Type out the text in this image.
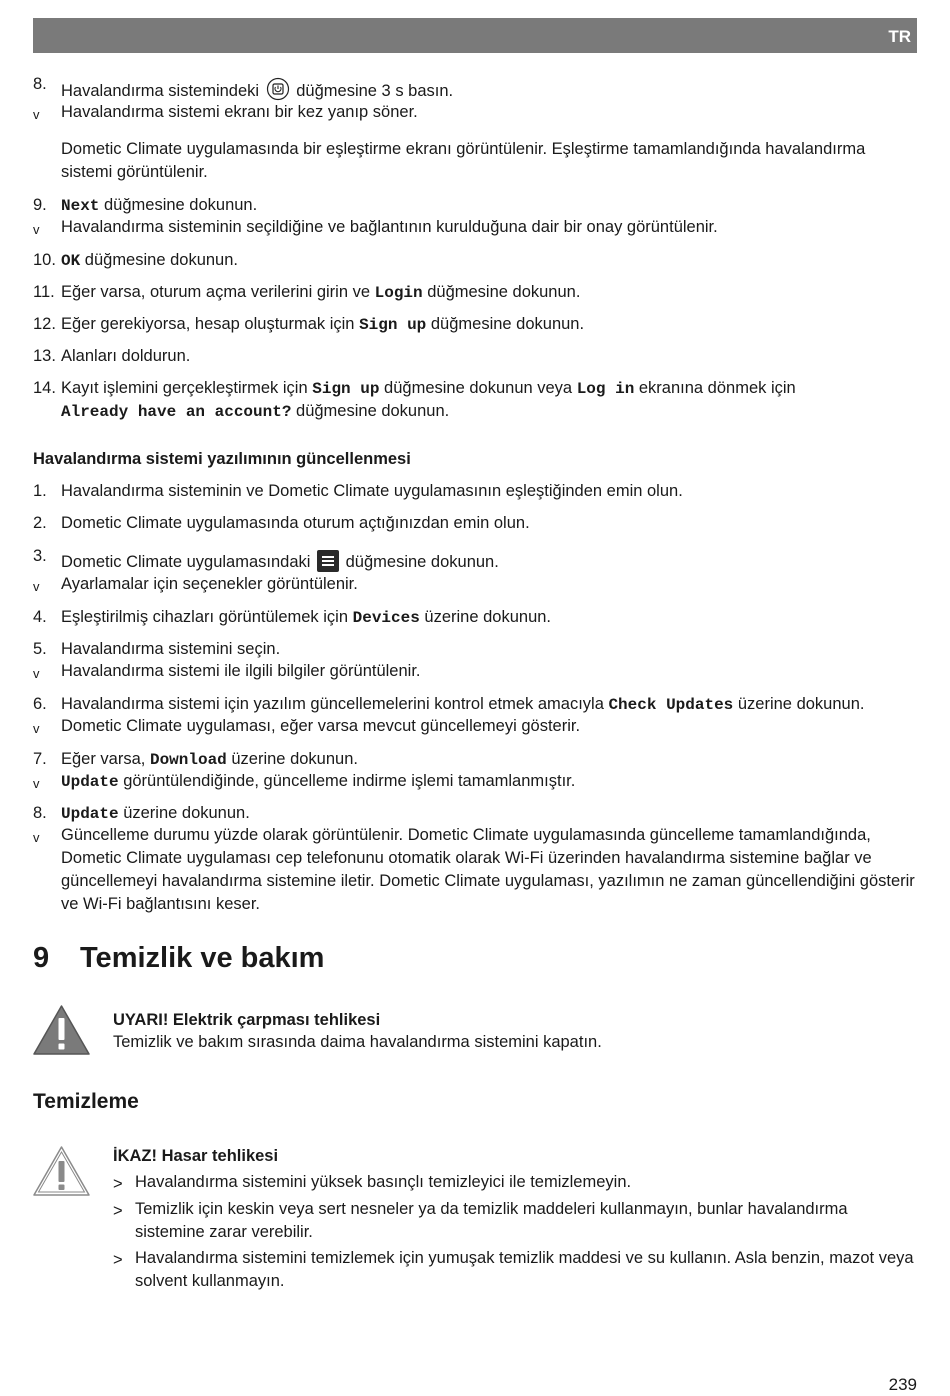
TR
8. Havalandırma sistemindeki  düğmesine 3 s basın.
v Havalandırma sistemi ekranı bir kez yanıp söner.
Dometic Climate uygulamasında bir eşleştirme ekranı görüntülenir. Eşleştirme tamamlandığında havalandırma sistemi görüntülenir.
9. Next düğmesine dokunun.
v Havalandırma sisteminin seçildiğine ve bağlantının kurulduğuna dair bir onay görüntülenir.
10. OK düğmesine dokunun.
11. Eğer varsa, oturum açma verilerini girin ve Login düğmesine dokunun.
12. Eğer gerekiyorsa, hesap oluşturmak için Sign up düğmesine dokunun.
13. Alanları doldurun.
14. Kayıt işlemini gerçekleştirmek için Sign up düğmesine dokunun veya Log in ekranına dönmek için
Already have an account? düğmesine dokunun.
Havalandırma sistemi yazılımının güncellenmesi
1. Havalandırma sisteminin ve Dometic Climate uygulamasının eşleştiğinden emin olun.
2. Dometic Climate uygulamasında oturum açtığınızdan emin olun.
3. Dometic Climate uygulamasındaki
düğmesine dokunun.
v Ayarlamalar için seçenekler görüntülenir.
4. Eşleştirilmiş cihazları görüntülemek için Devices üzerine dokunun.
5. Havalandırma sistemini seçin.
v Havalandırma sistemi ile ilgili bilgiler görüntülenir.
6. Havalandırma sistemi için yazılım güncellemelerini kontrol etmek amacıyla Check Updates üzerine dokunun.
v Dometic Climate uygulaması, eğer varsa mevcut güncellemeyi gösterir.
7. Eğer varsa, Download üzerine dokunun.
v Update görüntülendiğinde, güncelleme indirme işlemi tamamlanmıştır.
8. Update üzerine dokunun.
v Güncelleme durumu yüzde olarak görüntülenir. Dometic Climate uygulamasında güncelleme tamamlandığında, Dometic Climate uygulaması cep telefonunu otomatik olarak Wi-Fi üzerinden havalandırma sistemine bağlar ve güncellemeyi havalandırma sistemine iletir. Dometic Climate uygulaması, yazılımın ne zaman güncellendiğini gösterir ve Wi-Fi bağlantısını keser.
9 Temizlik ve bakım
UYARI! Elektrik çarpması tehlikesi
Temizlik ve bakım sırasında daima havalandırma sistemini kapatın.
Temizleme
İKAZ! Hasar tehlikesi
> Havalandırma sistemini yüksek basınçlı temizleyici ile temizlemeyin.
> Temizlik için keskin veya sert nesneler ya da temizlik maddeleri kullanmayın, bunlar havalandırma sistemine zarar verebilir.
> Havalandırma sistemini temizlemek için yumuşak temizlik maddesi ve su kullanın. Asla benzin, mazot veya solvent kullanmayın.
239
